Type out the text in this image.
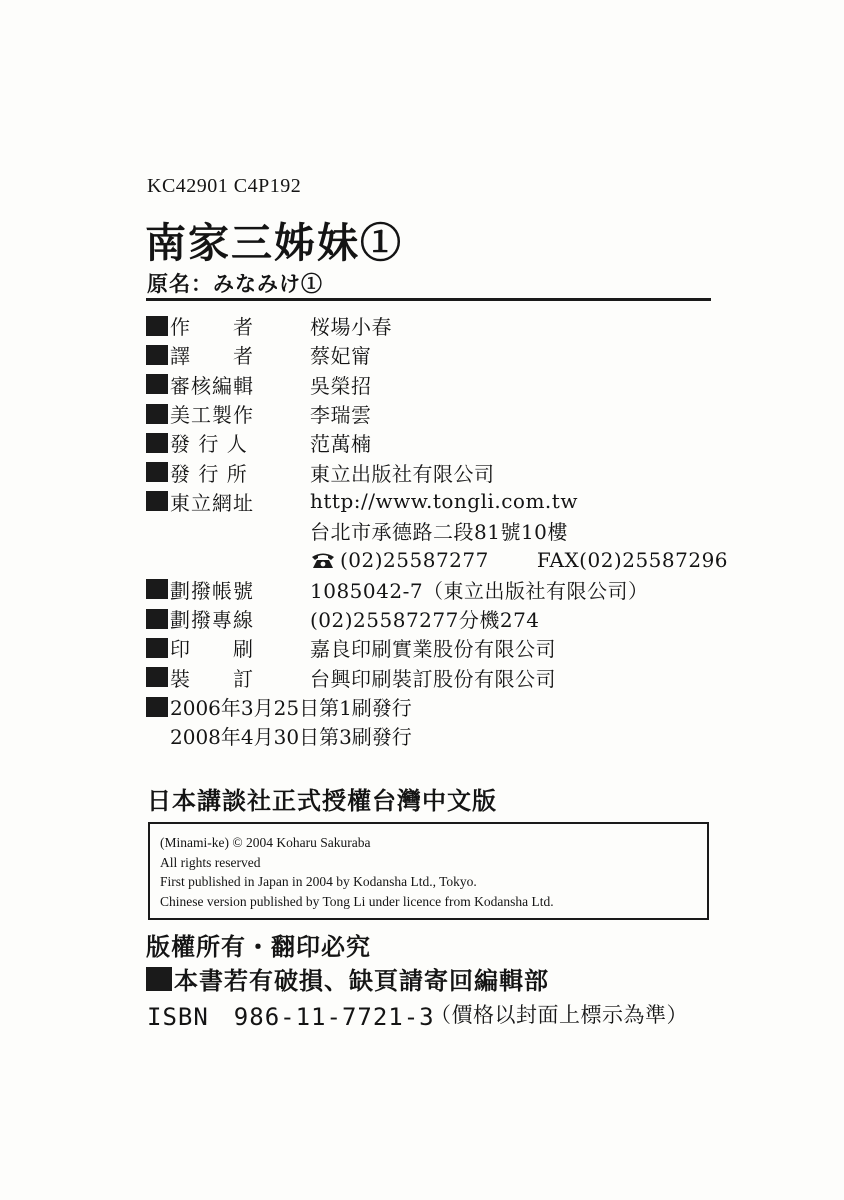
KC42901 C4P192
南家三姊妹①
原名：みなみけ①
作　　者	桜場小春
譯　　者	蔡妃甯
審核編輯	吳榮招
美工製作	李瑞雲
發 行 人	范萬楠
發 行 所	東立出版社有限公司
東立網址	http://www.tongli.com.tw
台北市承德路二段81號10樓
(02)25587277 FAX(02)25587296
劃撥帳號	1085042-7（東立出版社有限公司）
劃撥專線	(02)25587277分機274
印　　刷	嘉良印刷實業股份有限公司
裝　　訂	台興印刷裝訂股份有限公司
2006年3月25日第1刷發行
2008年4月30日第3刷發行
日本講談社正式授權台灣中文版
(Minami-ke) © 2004 Koharu Sakuraba
All rights reserved
First published in Japan in 2004 by Kodansha Ltd., Tokyo.
Chinese version published by Tong Li under licence from Kodansha Ltd.
版權所有・翻印必究
本書若有破損、缺頁請寄回編輯部
ISBN　986-11-7721-3
（價格以封面上標示為準）
